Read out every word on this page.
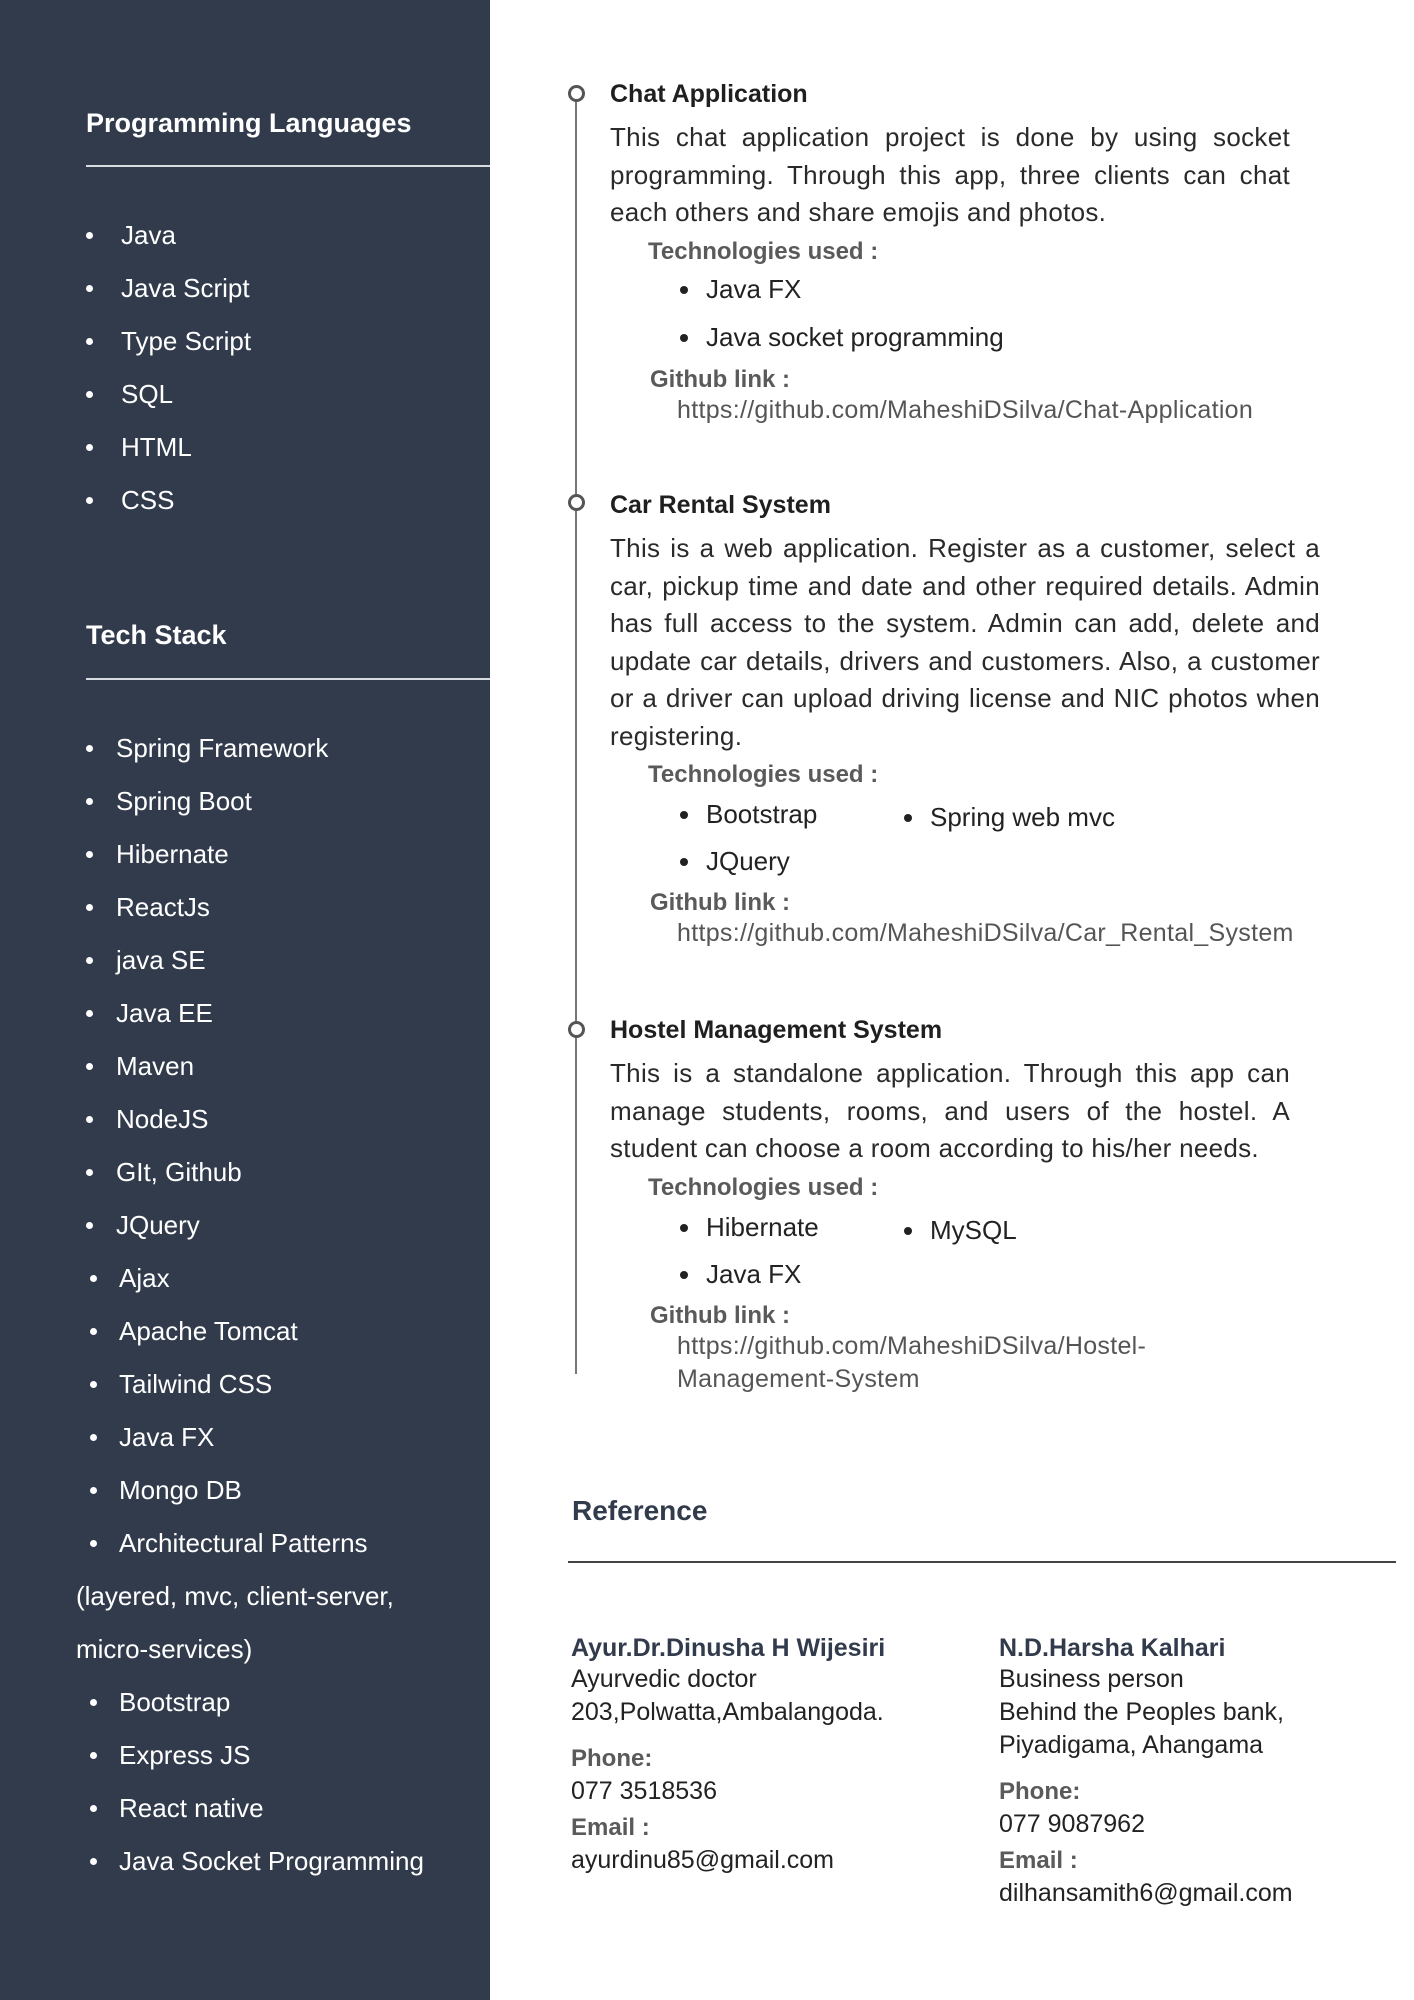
Programming Languages
Java
Java Script
Type Script
SQL
HTML
CSS
Tech Stack
Spring Framework
Spring Boot
Hibernate
ReactJs
java SE
Java EE
Maven
NodeJS
GIt, Github
JQuery
Ajax
Apache Tomcat
Tailwind CSS
Java FX
Mongo DB
Architectural Patterns
(layered, mvc, client-server,
micro-services)
Bootstrap
Express JS
React native
Java Socket Programming
Chat Application

This chat application project is done by using socket programming. Through this app, three clients can chat each others and share emojis and photos.

Technologies used :
Java FX
Java socket programming
Github link :
https://github.com/MaheshiDSilva/Chat-Application
Car Rental System

This is a web application. Register as a customer, select a car, pickup time and date and other required details. Admin has full access to the system. Admin can add, delete and update car details, drivers and customers. Also, a customer or a driver can upload driving license and NIC photos when registering.

Technologies used :
Bootstrap	Spring web mvc
JQuery
Github link :
https://github.com/MaheshiDSilva/Car_Rental_System
Hostel Management System

This is a standalone application. Through this app can manage students, rooms, and users of the hostel. A student can choose a room according to his/her needs.

Technologies used :
Hibernate	MySQL
Java FX
Github link :
https://github.com/MaheshiDSilva/Hostel-
Management-System
Reference
Ayur.Dr.Dinusha H Wijesiri
Ayurvedic doctor
203,Polwatta,Ambalangoda.
Phone:
077 3518536
Email :
ayurdinu85@gmail.com
N.D.Harsha Kalhari
Business person
Behind the Peoples bank,
Piyadigama, Ahangama
Phone:
077 9087962
Email :
dilhansamith6@gmail.com
